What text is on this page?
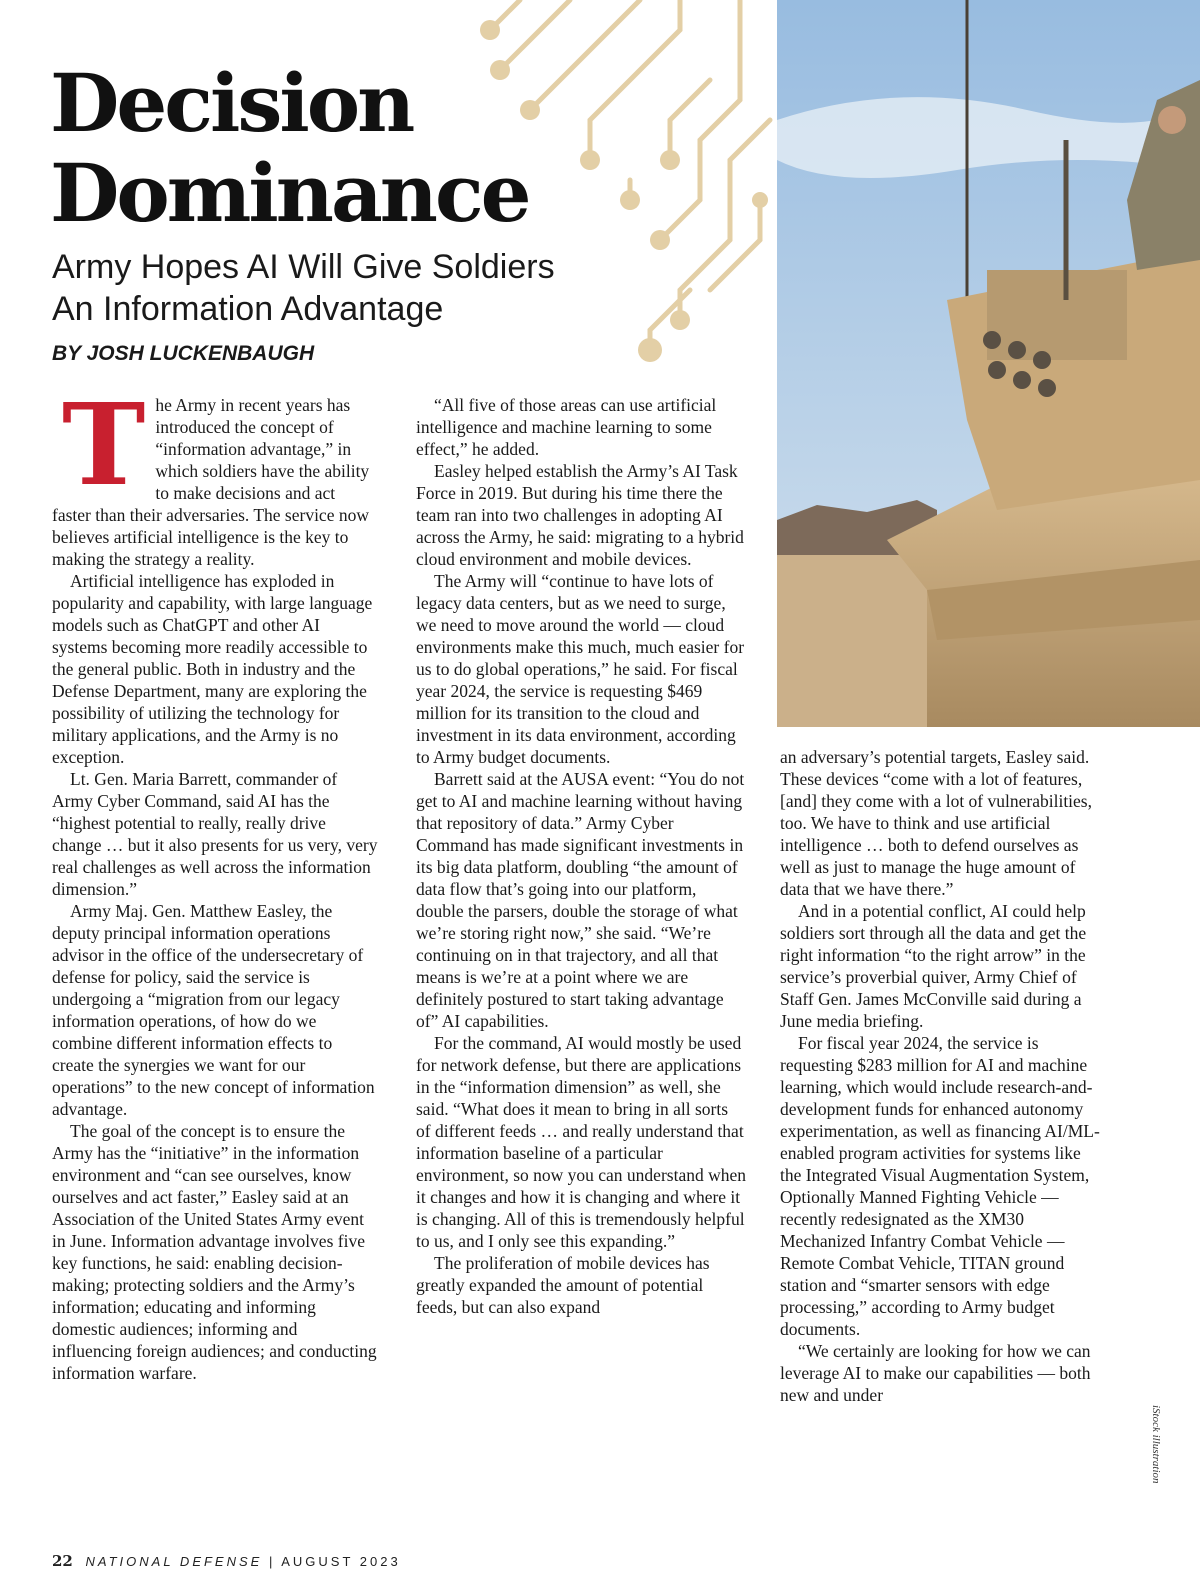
Decision
Dominance
Army Hopes AI Will Give Soldiers
An Information Advantage
BY JOSH LUCKENBAUGH
T he Army in recent years has introduced the concept of “information advantage,” in which soldiers have the ability to make decisions and act faster than their adversaries. The service now believes artificial intelligence is the key to making the strategy a reality.

Artificial intelligence has exploded in popularity and capability, with large language models such as ChatGPT and other AI systems becoming more readily accessible to the general public. Both in industry and the Defense Department, many are exploring the possibility of utilizing the technology for military applications, and the Army is no exception.

Lt. Gen. Maria Barrett, commander of Army Cyber Command, said AI has the “highest potential to really, really drive change … but it also presents for us very, very real challenges as well across the information dimension.”

Army Maj. Gen. Matthew Easley, the deputy principal information operations advisor in the office of the undersecretary of defense for policy, said the service is undergoing a “migration from our legacy information operations, of how do we combine different information effects to create the synergies we want for our operations” to the new concept of information advantage.

The goal of the concept is to ensure the Army has the “initiative” in the information environment and “can see ourselves, know ourselves and act faster,” Easley said at an Association of the United States Army event in June. Information advantage involves five key functions, he said: enabling decision-making; protecting soldiers and the Army’s information; educating and informing domestic audiences; informing and influencing foreign audiences; and conducting information warfare.

“All five of those areas can use artificial intelligence and machine learning to some effect,” he added.

Easley helped establish the Army’s AI Task Force in 2019. But during his time there the team ran into two challenges in adopting AI across the Army, he said: migrating to a hybrid cloud environment and mobile devices.

The Army will “continue to have lots of legacy data centers, but as we need to surge, we need to move around the world — cloud environments make this much, much easier for us to do global operations,” he said. For fiscal year 2024, the service is requesting $469 million for its transition to the cloud and investment in its data environment, according to Army budget documents.

Barrett said at the AUSA event: “You do not get to AI and machine learning without having that repository of data.” Army Cyber Command has made significant investments in its big data platform, doubling “the amount of data flow that’s going into our platform, double the parsers, double the storage of what we’re storing right now,” she said. “We’re continuing on in that trajectory, and all that means is we’re at a point where we are definitely postured to start taking advantage of” AI capabilities.

For the command, AI would mostly be used for network defense, but there are applications in the “information dimension” as well, she said. “What does it mean to bring in all sorts of different feeds … and really understand that information baseline of a particular environment, so now you can understand when it changes and how it is changing and where it is changing. All of this is tremendously helpful to us, and I only see this expanding.”

The proliferation of mobile devices has greatly expanded the amount of potential feeds, but can also expand

an adversary’s potential targets, Easley said. These devices “come with a lot of features, [and] they come with a lot of vulnerabilities, too. We have to think and use artificial intelligence … both to defend ourselves as well as just to manage the huge amount of data that we have there.”

And in a potential conflict, AI could help soldiers sort through all the data and get the right information “to the right arrow” in the service’s proverbial quiver, Army Chief of Staff Gen. James McConville said during a June media briefing.

For fiscal year 2024, the service is requesting $283 million for AI and machine learning, which would include research-and-development funds for enhanced autonomy experimentation, as well as financing AI/ML-enabled program activities for systems like the Integrated Visual Augmentation System, Optionally Manned Fighting Vehicle — recently redesignated as the XM30 Mechanized Infantry Combat Vehicle — Remote Combat Vehicle, TITAN ground station and “smarter sensors with edge processing,” according to Army budget documents.

“We certainly are looking for how we can leverage AI to make our capabilities — both new and under

iStock illustration
22 NATIONAL DEFENSE | AUGUST 2023
